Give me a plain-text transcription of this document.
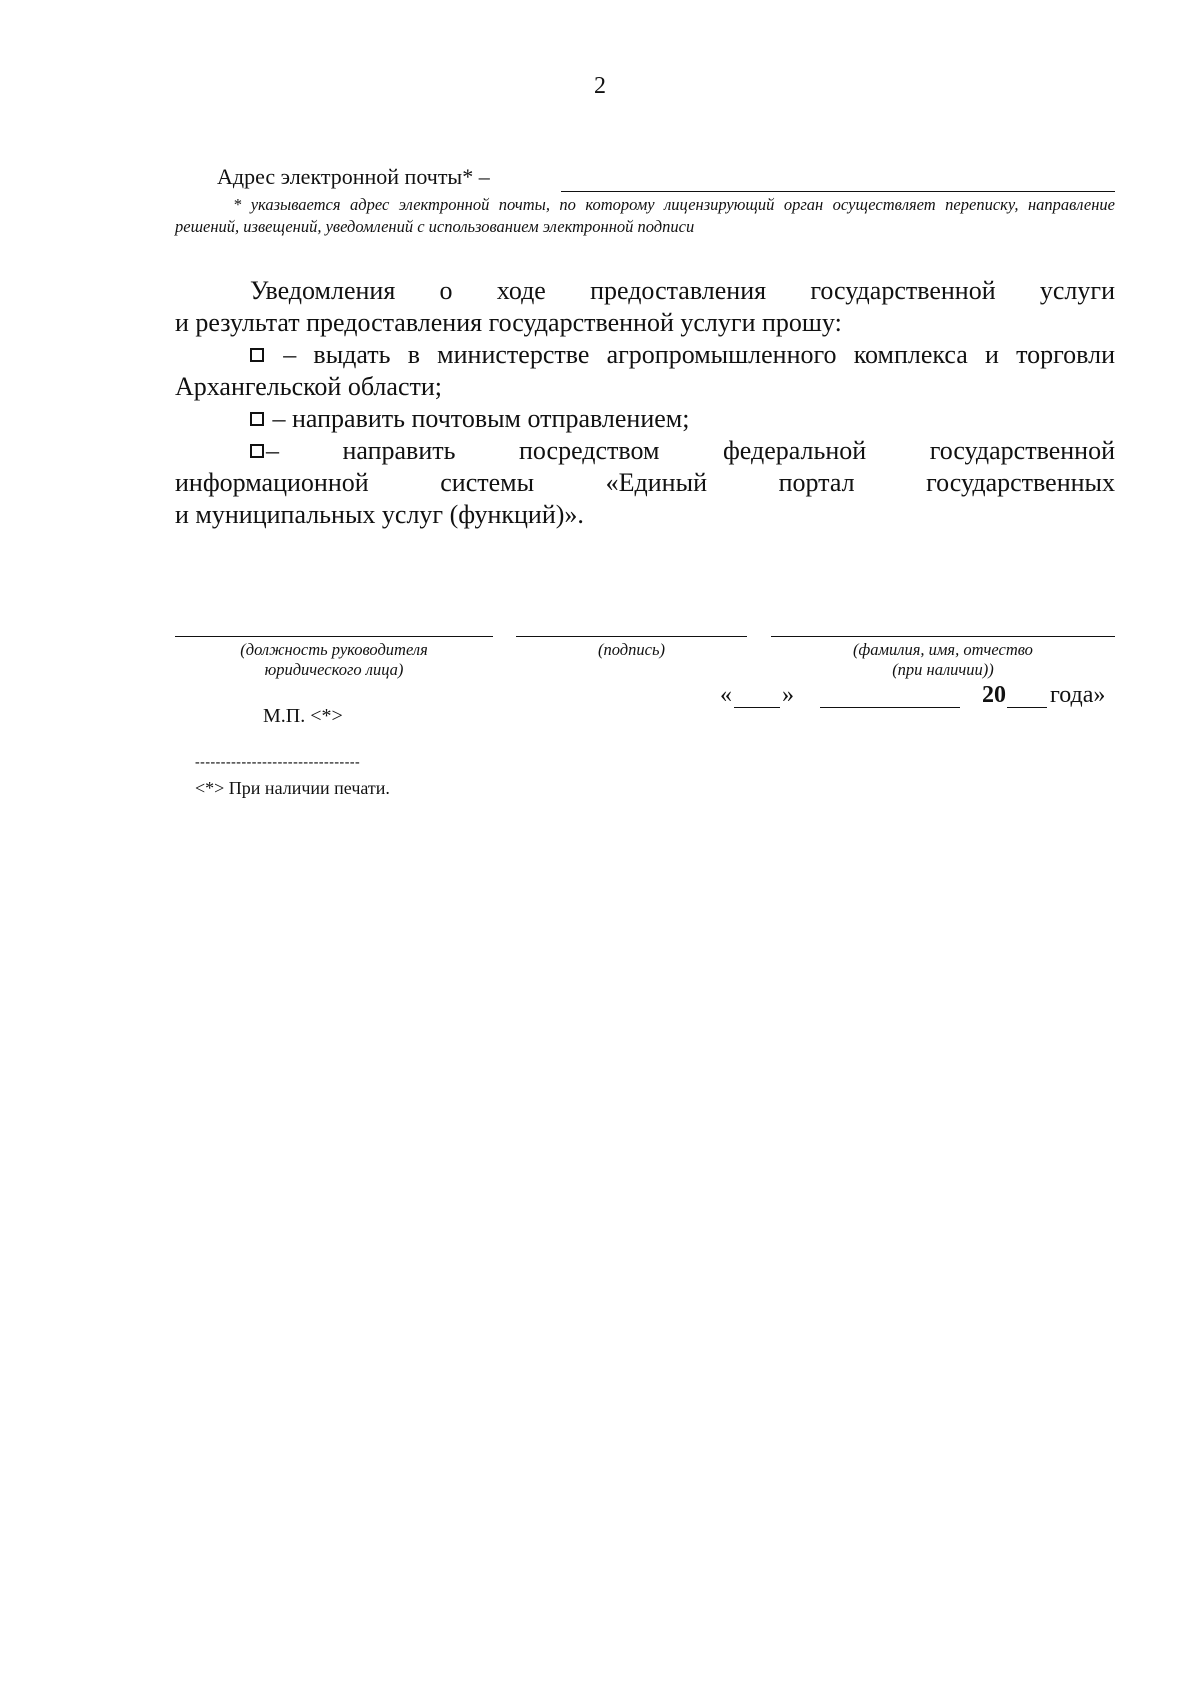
2
Адрес электронной почты* –
* указывается адрес электронной почты, по которому лицензирующий орган осуществляет переписку, направление решений, извещений, уведомлений с использованием электронной подписи

Уведомления о ходе предоставления государственной услуги

и результат предоставления государственной услуги прошу:

– выдать в министерстве агропромышленного комплекса и торговли

Архангельской области;

– направить почтовым отправлением;

– направить посредством федеральной государственной

информационной системы «Единый портал государственных

и муниципальных услуг (функций)».

(должность руководителя
юридического лица)
(подпись)	(фамилия, имя, отчество
(при наличии))
« »	20 года»
М.П. <*>
--------------------------------
<*> При наличии печати.
